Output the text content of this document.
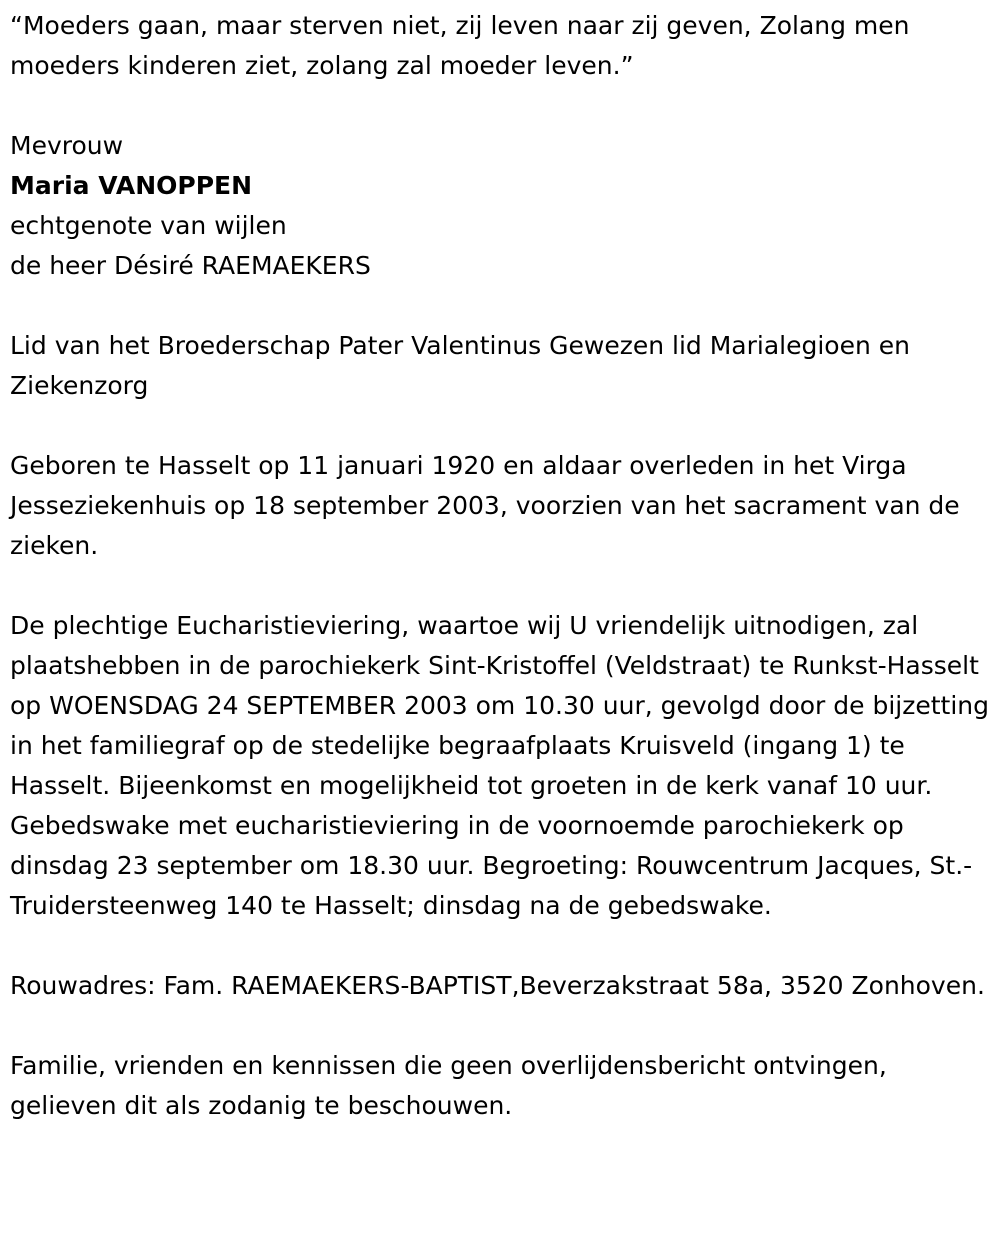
“Moeders gaan, maar sterven niet, zij leven naar zij geven, Zolang men moeders kinderen ziet, zolang zal moeder leven.”

Mevrouw

Maria VANOPPEN

echtgenote van wijlen

de heer Désiré RAEMAEKERS

Lid van het Broederschap Pater Valentinus Gewezen lid Marialegioen en Ziekenzorg

Geboren te Hasselt op 11 januari 1920 en aldaar overleden in het Virga Jesseziekenhuis op 18 september 2003, voorzien van het sacrament van de zieken.

De plechtige Eucharistieviering, waartoe wij U vriendelijk uitnodigen, zal plaatshebben in de parochiekerk Sint-Kristoffel (Veldstraat) te Runkst-Hasselt op WOENSDAG 24 SEPTEMBER 2003 om 10.30 uur, gevolgd door de bijzetting in het familiegraf op de stedelijke begraafplaats Kruisveld (ingang 1) te Hasselt. Bijeenkomst en mogelijkheid tot groeten in de kerk vanaf 10 uur. Gebedswake met eucharistieviering in de voornoemde parochiekerk op dinsdag 23 september om 18.30 uur. Begroeting: Rouwcentrum Jacques, St.-Truidersteenweg 140 te Hasselt; dinsdag na de gebedswake.

Rouwadres: Fam. RAEMAEKERS-BAPTIST,Beverzakstraat 58a, 3520 Zonhoven.

Familie, vrienden en kennissen die geen overlijdensbericht ontvingen, gelieven dit als zodanig te beschouwen.
